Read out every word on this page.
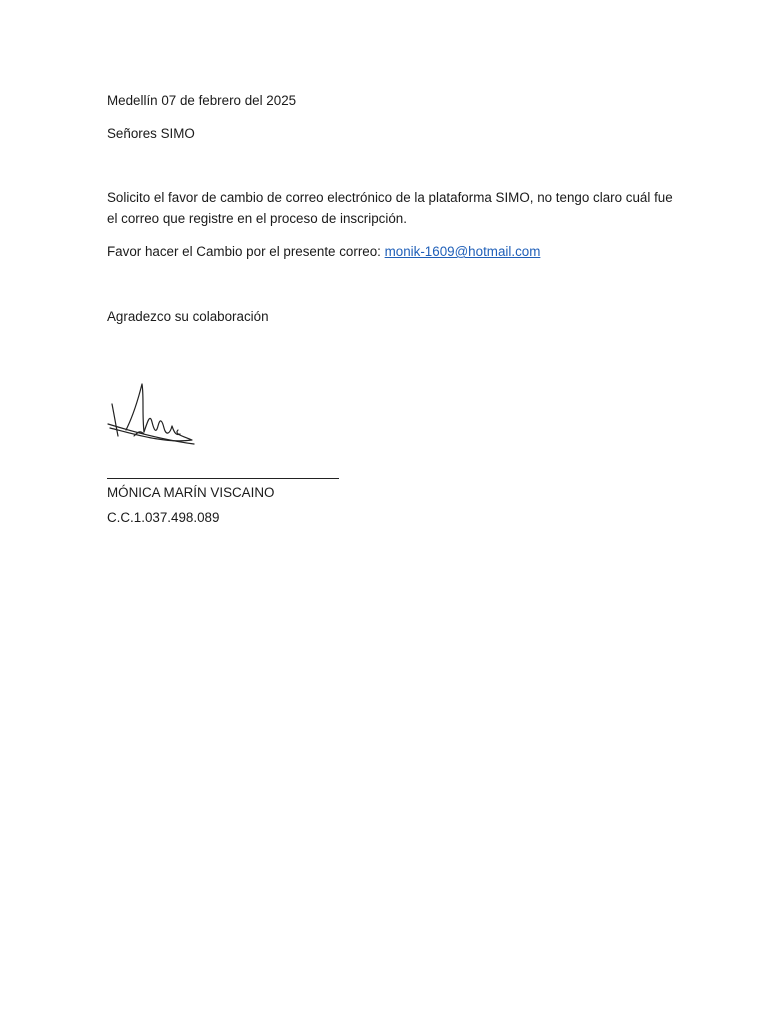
Medellín 07 de febrero del 2025
Señores SIMO
Solicito el favor de cambio de correo electrónico de la plataforma SIMO, no tengo claro cuál fue el correo que registre en el proceso de inscripción.
Favor hacer el Cambio por el presente correo: monik-1609@hotmail.com
Agradezco su colaboración
MÓNICA MARÍN VISCAINO
C.C.1.037.498.089
